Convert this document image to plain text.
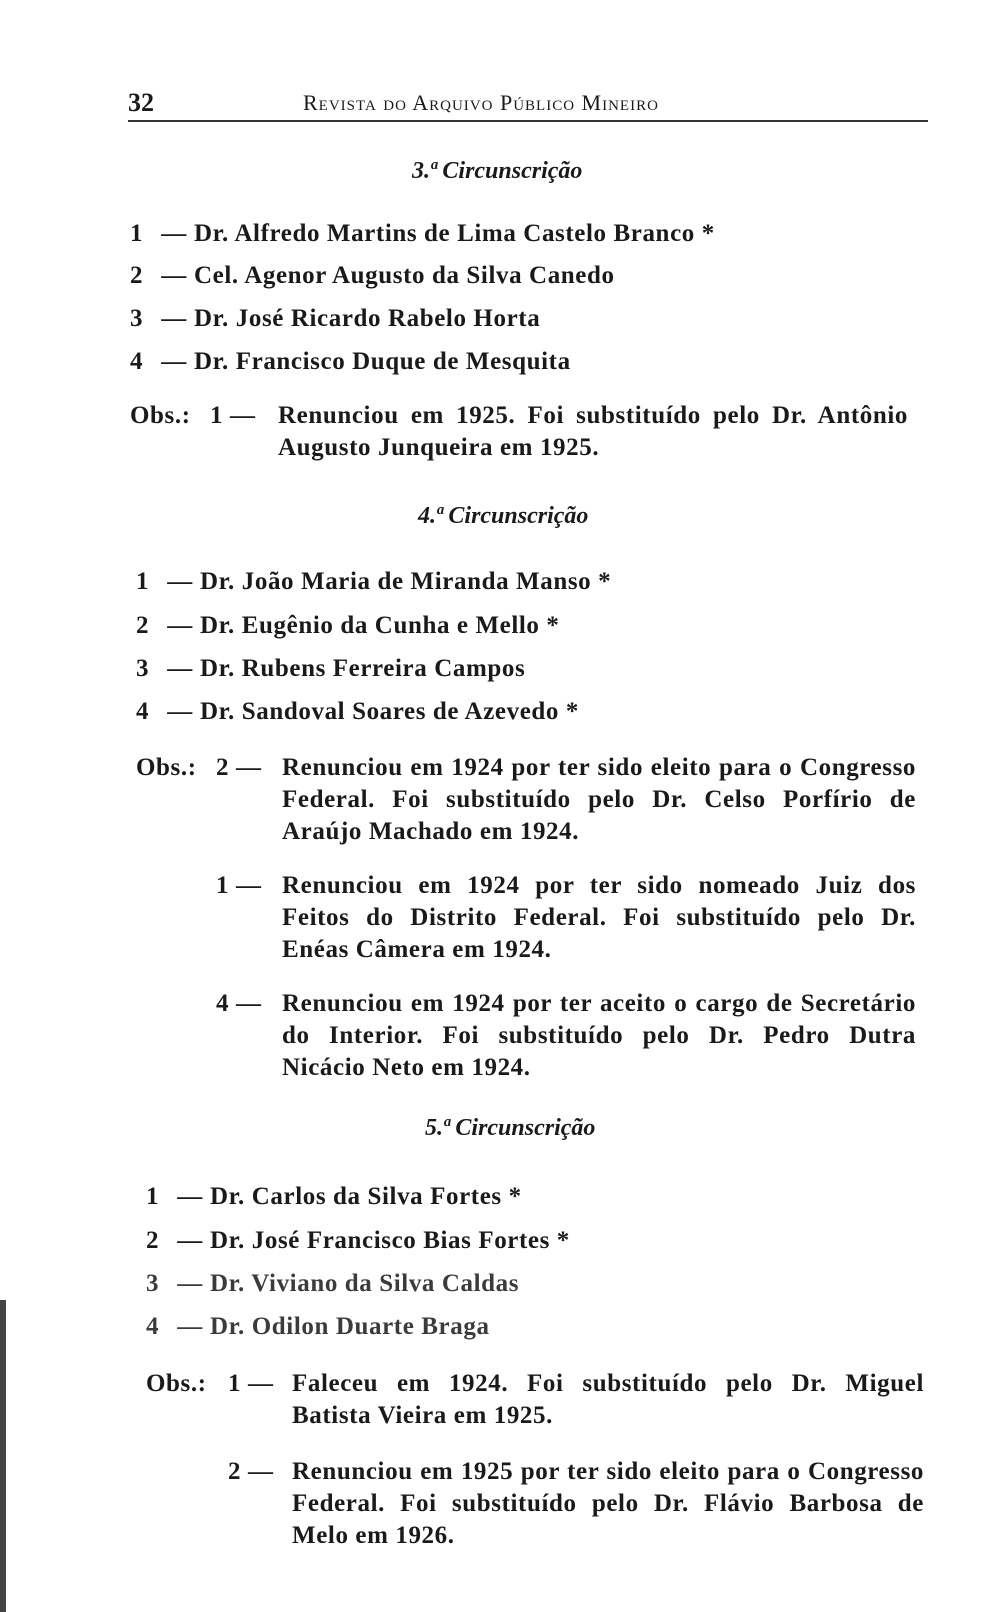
32	Revista do Arquivo Público Mineiro
3.ª Circunscrição
1 — Dr. Alfredo Martins de Lima Castelo Branco *
2 — Cel. Agenor Augusto da Silva Canedo
3 — Dr. José Ricardo Rabelo Horta
4 — Dr. Francisco Duque de Mesquita
Obs.: 1 — Renunciou em 1925. Foi substituído pelo Dr. Antônio Augusto Junqueira em 1925.
4.ª Circunscrição
1 — Dr. João Maria de Miranda Manso *
2 — Dr. Eugênio da Cunha e Mello *
3 — Dr. Rubens Ferreira Campos
4 — Dr. Sandoval Soares de Azevedo *
Obs.: 2 — Renunciou em 1924 por ter sido eleito para o Congresso Federal. Foi substituído pelo Dr. Celso Porfírio de Araújo Machado em 1924.
1 — Renunciou em 1924 por ter sido nomeado Juiz dos Feitos do Distrito Federal. Foi substituído pelo Dr. Enéas Câmera em 1924.
4 — Renunciou em 1924 por ter aceito o cargo de Secretário do Interior. Foi substituído pelo Dr. Pedro Dutra Nicácio Neto em 1924.
5.ª Circunscrição
1 — Dr. Carlos da Silva Fortes *
2 — Dr. José Francisco Bias Fortes *
3 — Dr. Viviano da Silva Caldas
4 — Dr. Odilon Duarte Braga
Obs.: 1 — Faleceu em 1924. Foi substituído pelo Dr. Miguel Batista Vieira em 1925.
2 — Renunciou em 1925 por ter sido eleito para o Congresso Federal. Foi substituído pelo Dr. Flávio Barbosa de Melo em 1926.
